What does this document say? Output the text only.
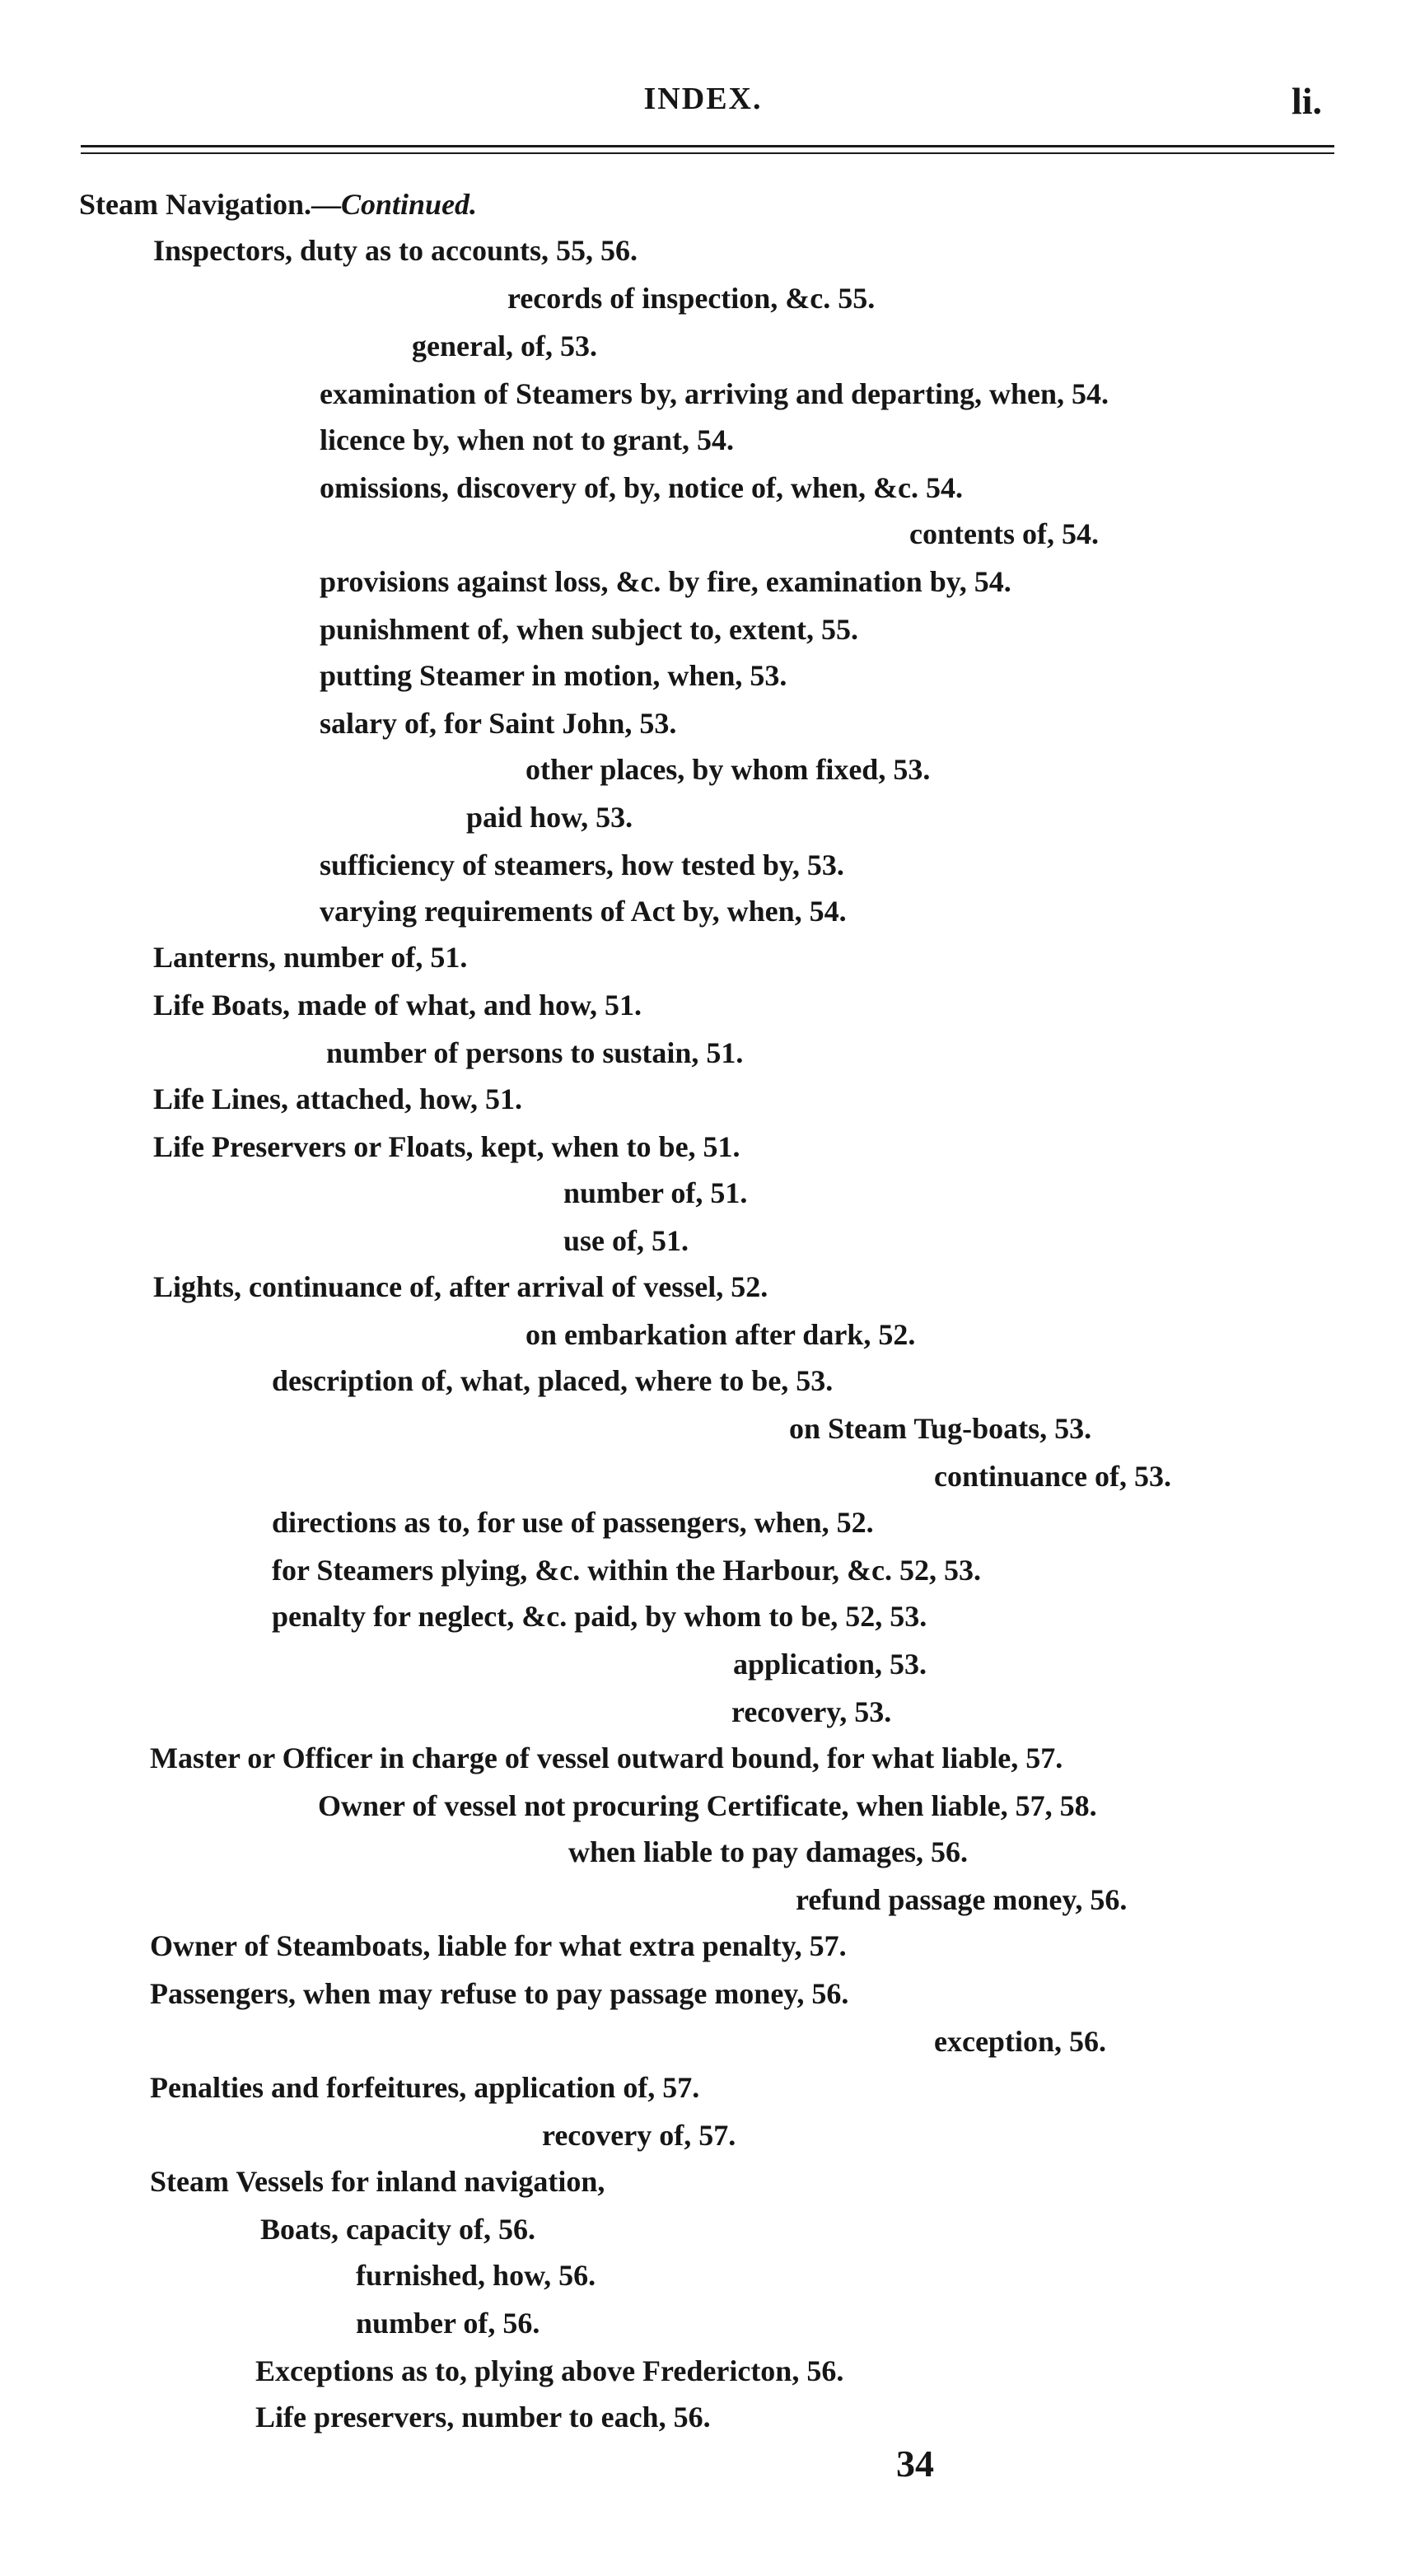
INDEX.	li.
Steam Navigation.—Continued.
Inspectors, duty as to accounts, 55, 56.
records of inspection, &c. 55.
general, of, 53.
examination of Steamers by, arriving and departing, when, 54.
licence by, when not to grant, 54.
omissions, discovery of, by, notice of, when, &c. 54.
contents of, 54.
provisions against loss, &c. by fire, examination by, 54.
punishment of, when subject to, extent, 55.
putting Steamer in motion, when, 53.
salary of, for Saint John, 53.
other places, by whom fixed, 53.
paid how, 53.
sufficiency of steamers, how tested by, 53.
varying requirements of Act by, when, 54.
Lanterns, number of, 51.
Life Boats, made of what, and how, 51.
number of persons to sustain, 51.
Life Lines, attached, how, 51.
Life Preservers or Floats, kept, when to be, 51.
number of, 51.
use of, 51.
Lights, continuance of, after arrival of vessel, 52.
on embarkation after dark, 52.
description of, what, placed, where to be, 53.
on Steam Tug-boats, 53.
continuance of, 53.
directions as to, for use of passengers, when, 52.
for Steamers plying, &c. within the Harbour, &c. 52, 53.
penalty for neglect, &c. paid, by whom to be, 52, 53.
application, 53.
recovery, 53.
Master or Officer in charge of vessel outward bound, for what liable, 57.
Owner of vessel not procuring Certificate, when liable, 57, 58.
when liable to pay damages, 56.
refund passage money, 56.
Owner of Steamboats, liable for what extra penalty, 57.
Passengers, when may refuse to pay passage money, 56.
exception, 56.
Penalties and forfeitures, application of, 57.
recovery of, 57.
Steam Vessels for inland navigation,
Boats, capacity of, 56.
furnished, how, 56.
number of, 56.
Exceptions as to, plying above Fredericton, 56.
Life preservers, number to each, 56.
34
